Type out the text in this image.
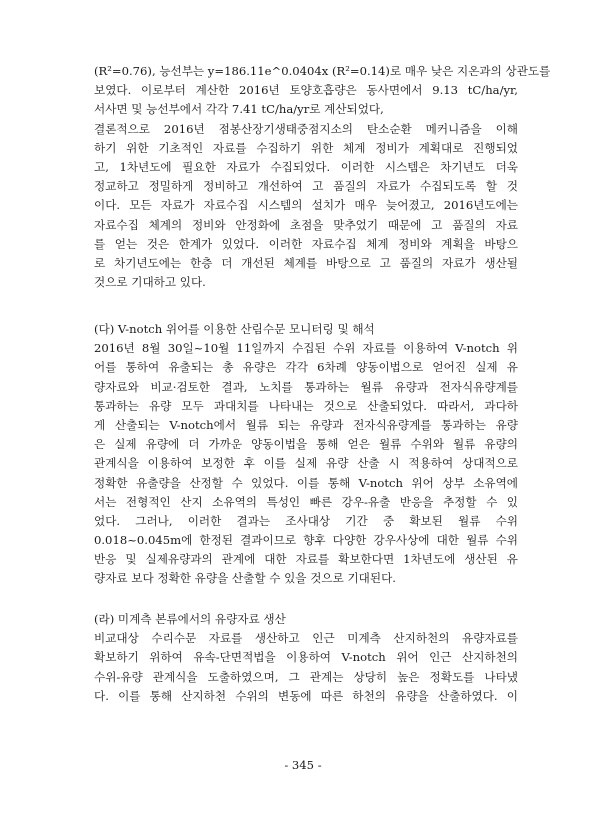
(R²=0.76), 능선부는 y=186.11e^0.0404x (R²=0.14)로 매우 낮은 지온과의 상관도를
보였다. 이로부터 계산한 2016년 토양호흡량은 동사면에서 9.13 tC/ha/yr,
서사면 및 능선부에서 각각 7.41 tC/ha/yr로 계산되었다,
결론적으로 2016년 점봉산장기생태중점지소의 탄소순환 메커니즘을 이해
하기 위한 기초적인 자료를 수집하기 위한 체계 정비가 계획대로 진행되었
고, 1차년도에 필요한 자료가 수집되었다. 이러한 시스템은 차기년도 더욱
정교하고 정밀하게 정비하고 개선하여 고 품질의 자료가 수집되도록 할 것
이다. 모든 자료가 자료수집 시스템의 설치가 매우 늦어졌고, 2016년도에는
자료수집 체계의 정비와 안정화에 초점을 맞추었기 때문에 고 품질의 자료
를 얻는 것은 한계가 있었다. 이러한 자료수집 체계 정비와 계획을 바탕으
로 차기년도에는 한층 더 개선된 체계를 바탕으로 고 품질의 자료가 생산될
것으로 기대하고 있다.
(다) V-notch 위어를 이용한 산림수문 모니터링 및 해석
2016년 8월 30일~10월 11일까지 수집된 수위 자료를 이용하여 V-notch 위
어를 통하여 유출되는 총 유량은 각각 6차례 양동이법으로 얻어진 실제 유
량자료와 비교·검토한 결과, 노치를 통과하는 월류 유량과 전자식유량계를
통과하는 유량 모두 과대치를 나타내는 것으로 산출되었다. 따라서, 과다하
게 산출되는 V-notch에서 월류 되는 유량과 전자식유량계를 통과하는 유량
은 실제 유량에 더 가까운 양동이법을 통해 얻은 월류 수위와 월류 유량의
관계식을 이용하여 보정한 후 이를 실제 유량 산출 시 적용하여 상대적으로
정확한 유출량을 산정할 수 있었다. 이를 통해 V-notch 위어 상부 소유역에
서는 전형적인 산지 소유역의 특성인 빠른 강우-유출 반응을 추정할 수 있
었다. 그러나, 이러한 결과는 조사대상 기간 중 확보된 월류 수위
0.018~0.045m에 한정된 결과이므로 향후 다양한 강우사상에 대한 월류 수위
반응 및 실제유량과의 관계에 대한 자료를 확보한다면 1차년도에 생산된 유
량자료 보다 정확한 유량을 산출할 수 있을 것으로 기대된다.
(라) 미계측 본류에서의 유량자료 생산
비교대상 수리수문 자료를 생산하고 인근 미계측 산지하천의 유량자료를
확보하기 위하여 유속-단면적법을 이용하여 V-notch 위어 인근 산지하천의
수위-유량 관계식을 도출하였으며, 그 관계는 상당히 높은 정확도를 나타냈
다. 이를 통해 산지하천 수위의 변동에 따른 하천의 유량을 산출하였다. 이
- 345 -
